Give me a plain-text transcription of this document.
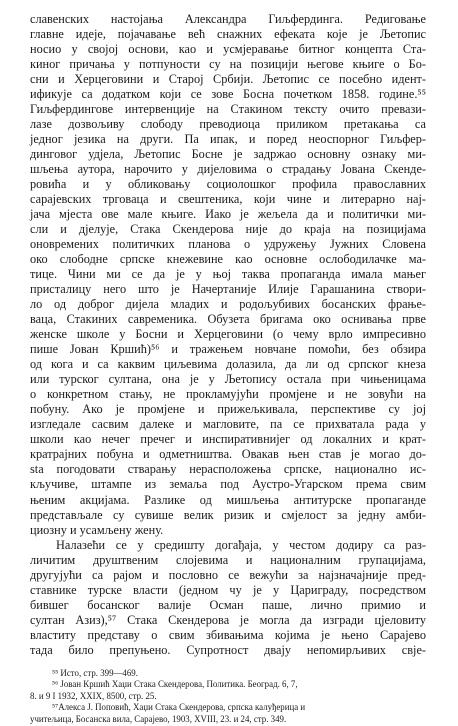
славенских настојања Александра Гиљфердинга. Редиговање
главне идеје, појачавање већ снажних ефеката које је Љетопис
носио у својој основи, као и усмјеравање битног концепта Ста-
киног причања у потпуности су на позицији његове књиге о Бо-
сни и Херцеговини и Старој Србији. Љетопис се посебно идент-
ификује са додатком који се зове Босна почетком 1858. године.⁵⁵
Гиљфердингове интервенције на Стакином тексту очито превази-
лазе дозвољиву слободу преводиоца приликом претакања са
једног језика на други. Па ипак, и поред неоспорног Гиљфер-
динговог удјела, Љетопис Босне је задржао основну ознаку ми-
шљења аутора, нарочито у дијеловима о страдању Јована Скенде-
ровића и у обликовању социолошког профила православних
сарајевских трговаца и свештеника, који чине и литерарно нај-
јача мјеста ове мале књиге. Иако је жељела да и политички ми-
сли и дјелује, Стака Скендерова није до краја на позицијама
оновремених политичких планова о удружењу Јужних Словена
око слободне српске кнежевине као основне ослободилачке ма-
тице. Чини ми се да је у њој таква пропаганда имала мањег
присталицу него што је Начертаније Илије Гарашанина створи-
ло од доброг дијела младих и родољубивих босанских фрање-
ваца, Стакиних савременика. Обузета бригама око оснивања прве
женске школе у Босни и Херцеговини (о чему врло импресивно
пише Јован Кршић)⁵⁶ и тражењем новчане помоћи, без обзира
од кога и са каквим циљевима долазила, да ли од српског кнеза
или турског султана, она је у Љетопису остала при чињеницама
о конкретном стању, не прокламујући промјене и не зовући на
побуну. Ако је промјене и прижељкивала, перспективе су јој
изгледале сасвим далеке и магловите, па се прихватала рада у
школи као нечег пречег и инспиративнијег од локалних и крат-
кратрајних побуна и одметништва. Овакав њен став је могао до-
sta погодовати стварању нерасположења српске, национално ис-
кључиве, штампе из земаља под Аустро-Угарском према свим
њеним акцијама. Разлике од мишљења антитурске пропаганде
представљале су сувише велик ризик и смјелост за једну амби-
циозну и усамљену жену.
Налазећи се у средишту догађаја, у честом додиру са раз-
личитим друштвеним слојевима и националним групацијама,
другујући са рајом и пословно се вежући за најзначајније пред-
ставнике турске власти (једном чу је у Цариграду, посредством
бившег босанског валије Осман паше, лично примио и
султан Азиз),⁵⁷ Стака Скендерова је могла да изгради цјеловиту
властиту представу о свим збивањима којима је њено Сарајево
тада било препуњено. Супротност двају непомирљивих свје-
⁵⁵ Исто, стр. 399—469.
⁵⁶ Јован Кршић Хаџи Стака Скендерова, Политика. Београд. 6, 7,
8. и 9 I 1932, XXIX, 8500, стр. 25.
⁵⁷Алекса Ј. Поповић, Хаџи Стака Скендерова, српска калуђерица и
учитељица, Босанска вила, Сарајево, 1903, XVIII, 23. и 24, стр. 349.
